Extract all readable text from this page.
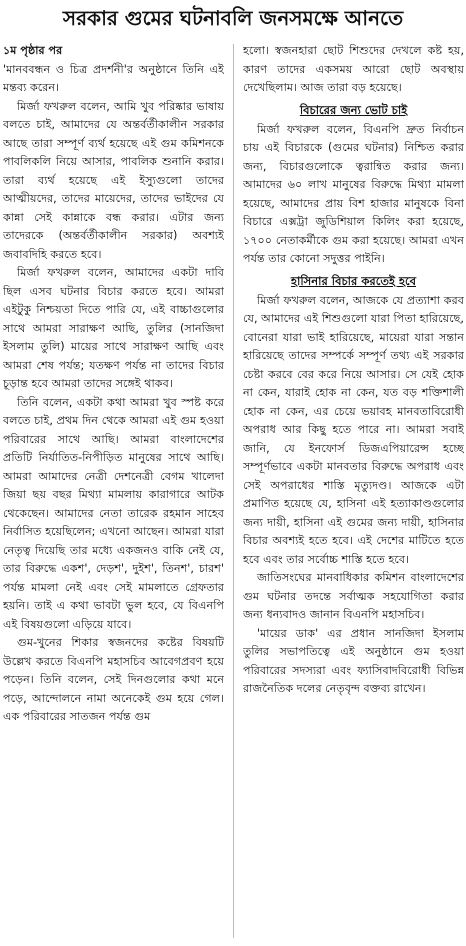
সরকার গুমের ঘটনাবলি জনসমক্ষে আনতে
১ম পৃষ্ঠার পর

'মানববন্ধন ও চিত্র প্রদর্শনী'র অনুষ্ঠানে তিনি এই মন্তব্য করেন।

মির্জা ফখরুল বলেন, আমি খুব পরিষ্কার ভাষায় বলতে চাই, আমাদের যে অন্তর্বর্তীকালীন সরকার আছে তারা সম্পূর্ণ ব্যর্থ হয়েছে এই গুম কমিশনকে পাবলিকলি নিয়ে আসার, পাবলিক শুনানি করার। তারা ব্যর্থ হয়েছে এই ইস্যুগুলো তাদের আত্মীয়দের, তাদের মায়েদের, তাদের ভাইদের যে কান্না সেই কান্নাকে বন্ধ করার। এটার জন্য তাদেরকে (অন্তর্বর্তীকালীন সরকার) অবশ্যই জবাবদিহি করতে হবে।

মির্জা ফখরুল বলেন, আমাদের একটা দাবি ছিল এসব ঘটনার বিচার করতে হবে। আমরা এইটুকু নিশ্চয়তা দিতে পারি যে, এই বাচ্চাগুলোর সাথে আমরা সারাক্ষণ আছি, তুলির (সানজিদা ইসলাম তুলি) মায়ের সাথে সারাক্ষণ আছি এবং আমরা শেষ পর্যন্ত; যতক্ষণ পর্যন্ত না তাদের বিচার চূড়ান্ত হবে আমরা তাদের সঙ্গেই থাকব।

তিনি বলেন, একটা কথা আমরা খুব স্পষ্ট করে বলতে চাই, প্রথম দিন থেকে আমরা এই গুম হওয়া পরিবারের সাথে আছি। আমরা বাংলাদেশের প্রতিটি নির্যাতিত-নিপীড়িত মানুষের সাথে আছি। আমরা আমাদের নেত্রী দেশনেত্রী বেগম খালেদা জিয়া ছয় বছর মিথ্যা মামলায় কারাগারে আটক থেকেছেন। আমাদের নেতা তারেক রহমান সাহেব নির্বাসিত হয়েছিলেন; এখনো আছেন। আমরা যারা নেতৃত্ব দিয়েছি তার মধ্যে একজনও বাকি নেই যে, তার বিরুদ্ধে একশ', দেড়শ', দুইশ', তিনশ', চারশ' পর্যন্ত মামলা নেই এবং সেই মামলাতে গ্রেফতার হয়নি। তাই এ কথা ভাবটা ভুল হবে, যে বিএনপি এই বিষয়গুলো এড়িয়ে যাবে।

গুম-খুনের শিকার স্বজনদের কষ্টের বিষয়টি উল্লেখ করতে বিএনপি মহাসচিব আবেগপ্রবণ হয়ে পড়েন। তিনি বলেন, সেই দিনগুলোর কথা মনে পড়ে, আন্দোলনে নামা অনেকেই গুম হয়ে গেল। এক পরিবারের সাতজন পর্যন্ত গুম

হলো। স্বজনহারা ছোট শিশুদের দেখলে কষ্ট হয়, কারণ তাদের একসময় আরো ছোট অবস্থায় দেখেছিলাম। আজ তারা বড় হয়েছে।

বিচারের জন্য ভোট চাই

মির্জা ফখরুল বলেন, বিএনপি দ্রুত নির্বাচন চায় এই বিচারকে (গুমের ঘটনার) নিশ্চিত করার জন্য, বিচারগুলোকে ত্বরান্বিত করার জন্য। আমাদের ৬০ লাখ মানুষের বিরুদ্ধে মিথ্যা মামলা হয়েছে, আমাদের প্রায় বিশ হাজার মানুষকে বিনা বিচারে এক্সট্রা জুডিশিয়াল কিলিং করা হয়েছে, ১৭০০ নেতাকর্মীকে গুম করা হয়েছে। আমরা এখন পর্যন্ত তার কোনো সদুত্তর পাইনি।

হাসিনার বিচার করতেই হবে

মির্জা ফখরুল বলেন, আজকে যে প্রত্যাশা করব যে, আমাদের এই শিশুগুলো যারা পিতা হারিয়েছে, বোনেরা যারা ভাই হারিয়েছে, মায়েরা যারা সন্তান হারিয়েছে তাদের সম্পর্কে সম্পূর্ণ তথ্য এই সরকার চেষ্টা করবে বের করে নিয়ে আসার। সে যেই হোক না কেন, যারাই হোক না কেন, যত বড় শক্তিশালী হোক না কেন, এর চেয়ে ভয়াবহ মানবতাবিরোধী অপরাধ আর কিছু হতে পারে না। আমরা সবাই জানি, যে ইনফোর্স ডিজএপিয়ারেন্স হচ্ছে সম্পূর্ণভাবে একটা মানবতার বিরুদ্ধে অপরাধ এবং সেই অপরাধের শাস্তি মৃত্যুদণ্ড। আজকে এটা প্রমাণিত হয়েছে যে, হাসিনা এই হত্যাকাণ্ডগুলোর জন্য দায়ী, হাসিনা এই গুমের জন্য দায়ী, হাসিনার বিচার অবশ্যই হতে হবে। এই দেশের মাটিতে হতে হবে এবং তার সর্বোচ্চ শাস্তি হতে হবে।

জাতিসংঘের মানবাধিকার কমিশন বাংলাদেশের গুম ঘটনার তদন্তে সর্বাত্মক সহযোগিতা করার জন্য ধন্যবাদও জানান বিএনপি মহাসচিব।

'মায়ের ডাক' এর প্রধান সানজিদা ইসলাম তুলির সভাপতিত্বে এই অনুষ্ঠানে গুম হওয়া পরিবারের সদস্যরা এবং ফ্যাসিবাদবিরোধী বিভিন্ন রাজনৈতিক দলের নেতৃবৃন্দ বক্তব্য রাখেন।
